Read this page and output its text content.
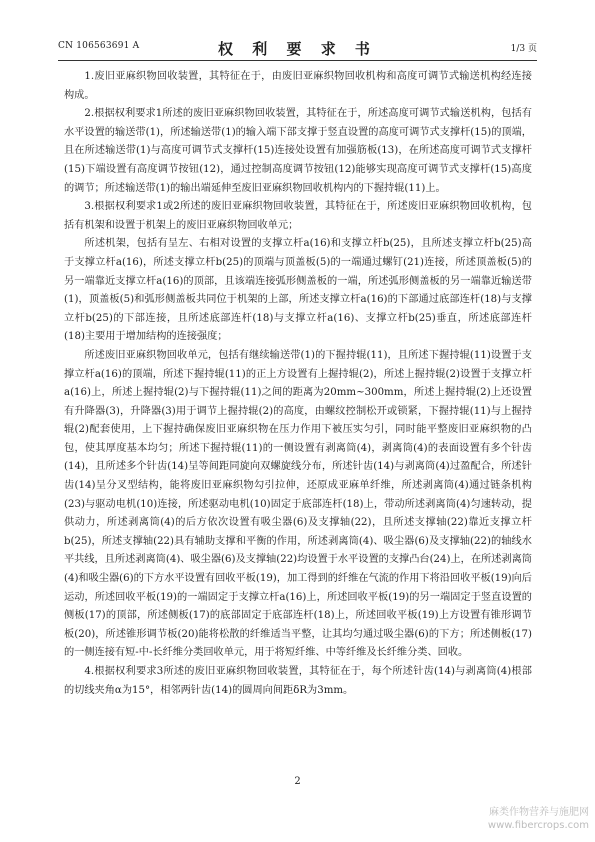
CN 106563691 A	权 利 要 求 书	1/3 页

1.废旧亚麻织物回收装置，其特征在于，由废旧亚麻织物回收机构和高度可调节式输送机构经连接构成。

2.根据权利要求1所述的废旧亚麻织物回收装置，其特征在于，所述高度可调节式输送机构，包括有水平设置的输送带(1)，所述输送带(1)的输入端下部支撑于竖直设置的高度可调节式支撑杆(15)的顶端，且在所述输送带(1)与高度可调节式支撑杆(15)连接处设置有加强筋板(13)，在所述高度可调节式支撑杆(15)下端设置有高度调节按钮(12)，通过控制高度调节按钮(12)能够实现高度可调节式支撑杆(15)高度的调节；所述输送带(1)的输出端延伸至废旧亚麻织物回收机构内的下握持辊(11)上。

3.根据权利要求1或2所述的废旧亚麻织物回收装置，其特征在于，所述废旧亚麻织物回收机构，包括有机架和设置于机架上的废旧亚麻织物回收单元；

所述机架，包括有呈左、右相对设置的支撑立杆a(16)和支撑立杆b(25)，且所述支撑立杆b(25)高于支撑立杆a(16)，所述支撑立杆b(25)的顶端与顶盖板(5)的一端通过螺钉(21)连接，所述顶盖板(5)的另一端靠近支撑立杆a(16)的顶部，且该端连接弧形侧盖板的一端，所述弧形侧盖板的另一端靠近输送带(1)，顶盖板(5)和弧形侧盖板共同位于机架的上部，所述支撑立杆a(16)的下部通过底部连杆(18)与支撑立杆b(25)的下部连接，且所述底部连杆(18)与支撑立杆a(16)、支撑立杆b(25)垂直，所述底部连杆(18)主要用于增加结构的连接强度；

所述废旧亚麻织物回收单元，包括有继续输送带(1)的下握持辊(11)，且所述下握持辊(11)设置于支撑立杆a(16)的顶端，所述下握持辊(11)的正上方设置有上握持辊(2)，所述上握持辊(2)设置于支撑立杆a(16)上，所述上握持辊(2)与下握持辊(11)之间的距离为20mm~300mm，所述上握持辊(2)上还设置有升降器(3)，升降器(3)用于调节上握持辊(2)的高度，由螺纹控制松开或锁紧，下握持辊(11)与上握持辊(2)配套使用，上下握持确保废旧亚麻织物在压力作用下被压实匀引，同时能平整废旧亚麻织物的凸包，使其厚度基本均匀；所述下握持辊(11)的一侧设置有剥离筒(4)，剥离筒(4)的表面设置有多个针齿(14)，且所述多个针齿(14)呈等间距同旋向双螺旋线分布，所述针齿(14)与剥离筒(4)过盈配合，所述针齿(14)呈分叉型结构，能将废旧亚麻织物勾引拉伸，还原成亚麻单纤维，所述剥离筒(4)通过链条机构(23)与驱动电机(10)连接，所述驱动电机(10)固定于底部连杆(18)上，带动所述剥离筒(4)匀速转动，提供动力，所述剥离筒(4)的后方依次设置有吸尘器(6)及支撑轴(22)，且所述支撑轴(22)靠近支撑立杆b(25)，所述支撑轴(22)具有辅助支撑和平衡的作用，所述剥离筒(4)、吸尘器(6)及支撑轴(22)的轴线水平共线，且所述剥离筒(4)、吸尘器(6)及支撑轴(22)均设置于水平设置的支撑凸台(24)上，在所述剥离筒(4)和吸尘器(6)的下方水平设置有回收平板(19)，加工得到的纤维在气流的作用下将沿回收平板(19)向后运动，所述回收平板(19)的一端固定于支撑立杆a(16)上，所述回收平板(19)的另一端固定于竖直设置的侧板(17)的顶部，所述侧板(17)的底部固定于底部连杆(18)上，所述回收平板(19)上方设置有锥形调节板(20)，所述锥形调节板(20)能将松散的纤维适当平整，让其均匀通过吸尘器(6)的下方；所述侧板(17)的一侧连接有短-中-长纤维分类回收单元，用于将短纤维、中等纤维及长纤维分类、回收。

4.根据权利要求3所述的废旧亚麻织物回收装置，其特征在于，每个所述针齿(14)与剥离筒(4)根部的切线夹角α为15°，相邻两针齿(14)的圆周向间距δR为3mm。

2
麻类作物营养与施肥网
www.fibercrops.com
